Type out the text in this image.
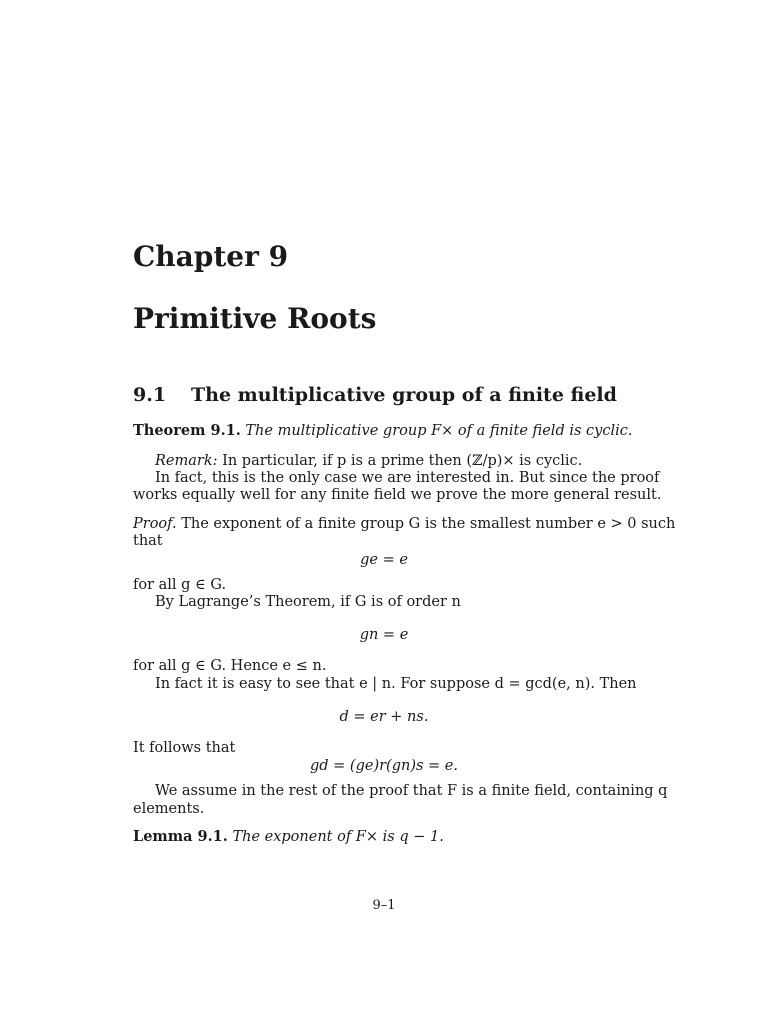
Chapter 9
Primitive Roots
9.1 The multiplicative group of a finite field
Theorem 9.1. The multiplicative group F× of a finite field is cyclic.
Remark: In particular, if p is a prime then (ℤ/p)× is cyclic.
In fact, this is the only case we are interested in. But since the proof
works equally well for any finite field we prove the more general result.
Proof. The exponent of a finite group G is the smallest number e > 0 such
that
ge = e
for all g ∈ G.
By Lagrange’s Theorem, if G is of order n
gn = e
for all g ∈ G. Hence e ≤ n.
In fact it is easy to see that e | n. For suppose d = gcd(e, n). Then
d = er + ns.
It follows that
gd = (ge)r(gn)s = e.
We assume in the rest of the proof that F is a finite field, containing q
elements.
Lemma 9.1. The exponent of F× is q − 1.
9–1
